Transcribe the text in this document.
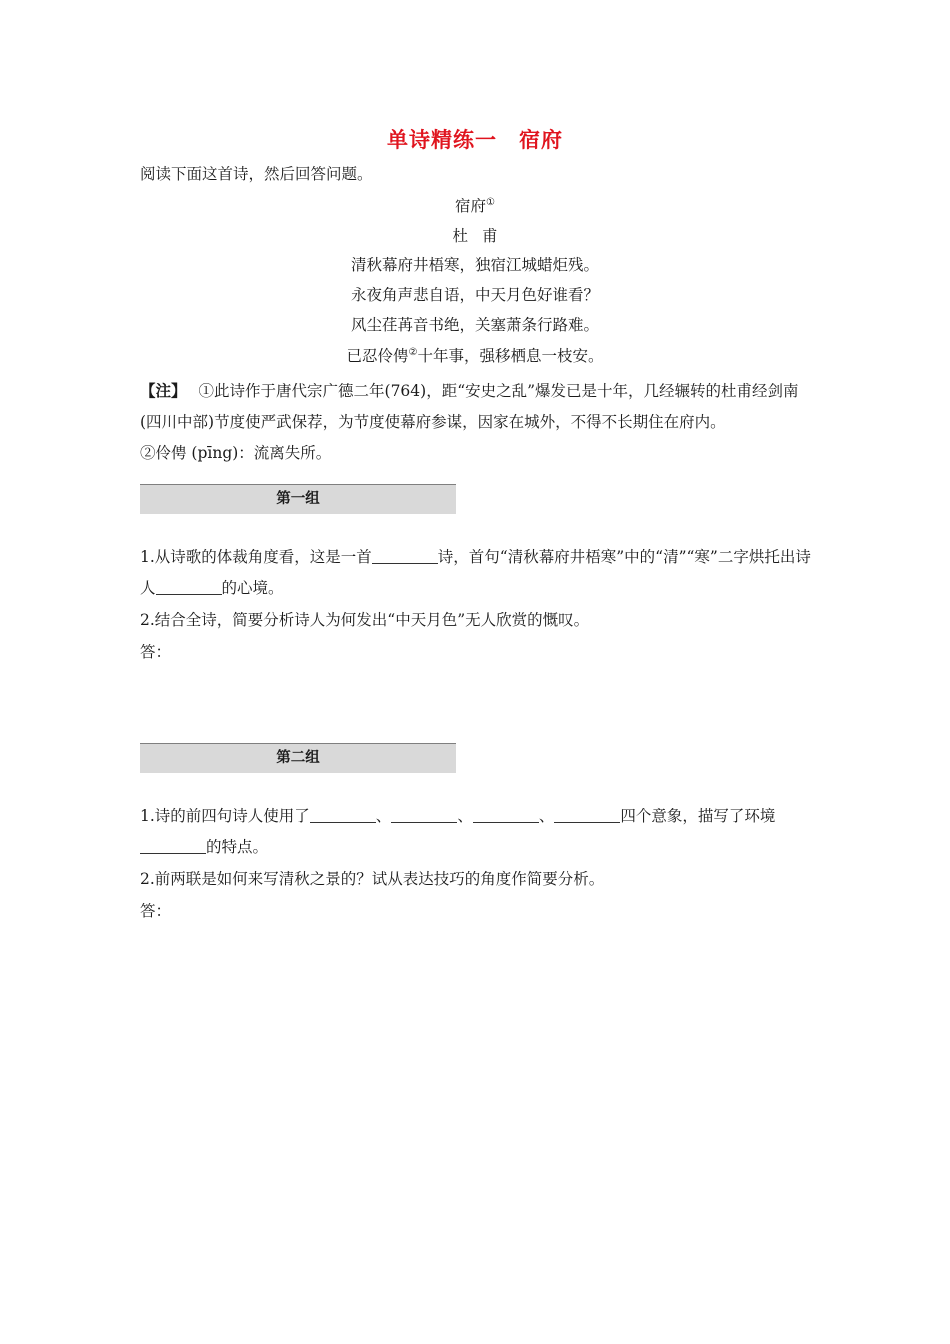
单诗精练一　宿府
阅读下面这首诗，然后回答问题。
宿府①
杜甫
清秋幕府井梧寒，独宿江城蜡炬残。
永夜角声悲自语，中天月色好谁看？
风尘荏苒音书绝，关塞萧条行路难。
已忍伶俜②十年事，强移栖息一枝安。
【注】 ①此诗作于唐代宗广德二年(764)，距“安史之乱”爆发已是十年，几经辗转的杜甫经剑南(四川中部)节度使严武保荐，为节度使幕府参谋，因家在城外，不得不长期住在府内。
②伶俜 (pīng)：流离失所。
第一组
1.从诗歌的体裁角度看，这是一首	诗，首句“清秋幕府井梧寒”中的“清”“寒”二字烘托出诗人	的心境。
2.结合全诗，简要分析诗人为何发出“中天月色”无人欣赏的慨叹。
答：
第二组
1.诗的前四句诗人使用了	、	、	、	四个意象，描写了环境的特点。
2.前两联是如何来写清秋之景的？试从表达技巧的角度作简要分析。
答：
